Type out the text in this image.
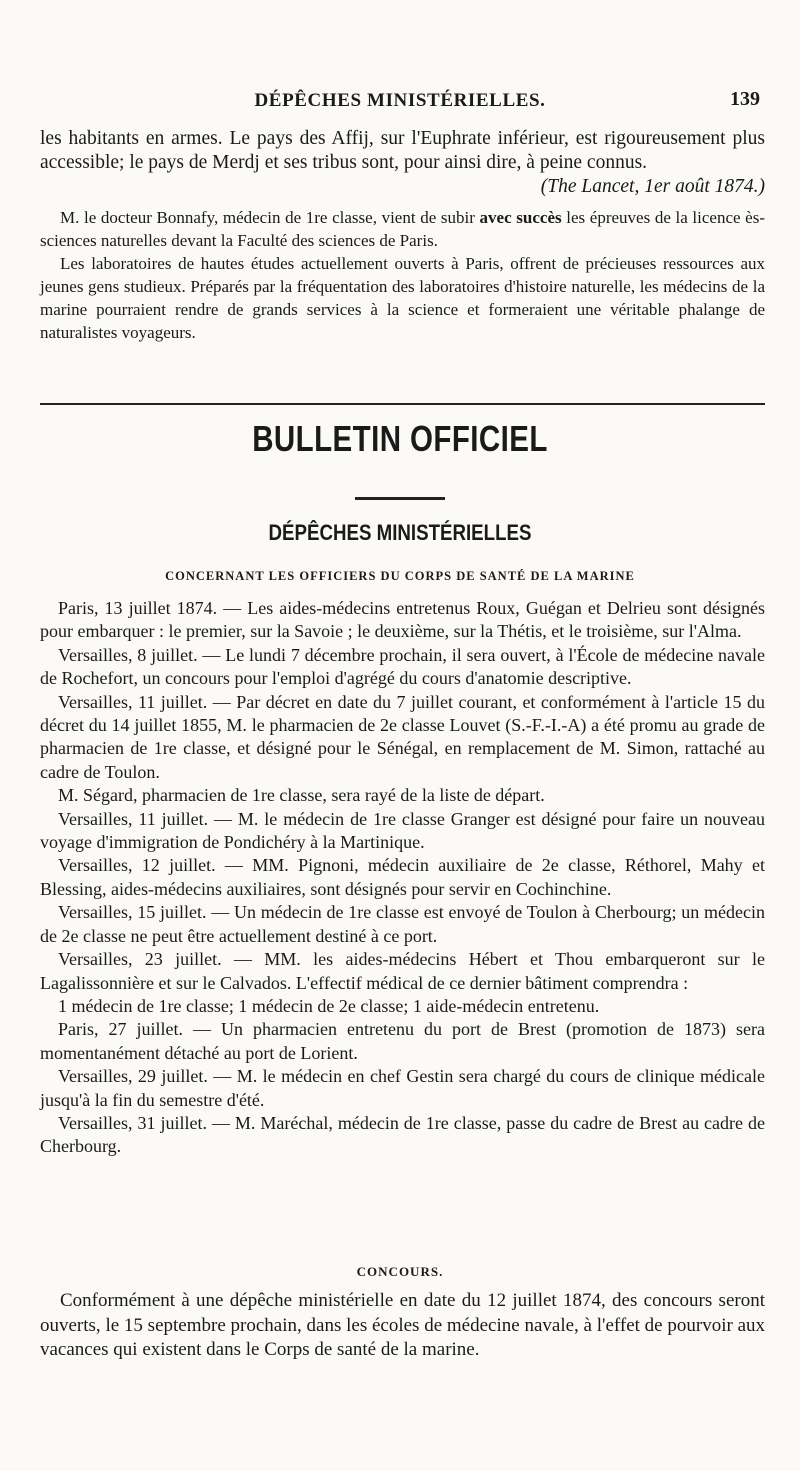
DÉPÊCHES MINISTÉRIELLES.	139
les habitants en armes. Le pays des Affij, sur l'Euphrate inférieur, est rigoureusement plus accessible; le pays de Merdj et ses tribus sont, pour ainsi dire, à peine connus.
(The Lancet, 1er août 1874.)

M. le docteur Bonnafy, médecin de 1re classe, vient de subir avec succès les épreuves de la licence ès-sciences naturelles devant la Faculté des sciences de Paris.

Les laboratoires de hautes études actuellement ouverts à Paris, offrent de précieuses ressources aux jeunes gens studieux. Préparés par la fréquentation des laboratoires d'histoire naturelle, les médecins de la marine pourraient rendre de grands services à la science et formeraient une véritable phalange de naturalistes voyageurs.

BULLETIN OFFICIEL
DÉPÊCHES MINISTÉRIELLES
CONCERNANT LES OFFICIERS DU CORPS DE SANTÉ DE LA MARINE

Paris, 13 juillet 1874. — Les aides-médecins entretenus Roux, Guégan et Delrieu sont désignés pour embarquer : le premier, sur la Savoie ; le deuxième, sur la Thétis, et le troisième, sur l'Alma.

Versailles, 8 juillet. — Le lundi 7 décembre prochain, il sera ouvert, à l'École de médecine navale de Rochefort, un concours pour l'emploi d'agrégé du cours d'anatomie descriptive.

Versailles, 11 juillet. — Par décret en date du 7 juillet courant, et conformément à l'article 15 du décret du 14 juillet 1855, M. le pharmacien de 2e classe Louvet (S.-F.-I.-A) a été promu au grade de pharmacien de 1re classe, et désigné pour le Sénégal, en remplacement de M. Simon, rattaché au cadre de Toulon.

M. Ségard, pharmacien de 1re classe, sera rayé de la liste de départ.

Versailles, 11 juillet. — M. le médecin de 1re classe Granger est désigné pour faire un nouveau voyage d'immigration de Pondichéry à la Martinique.

Versailles, 12 juillet. — MM. Pignoni, médecin auxiliaire de 2e classe, Réthorel, Mahy et Blessing, aides-médecins auxiliaires, sont désignés pour servir en Cochinchine.

Versailles, 15 juillet. — Un médecin de 1re classe est envoyé de Toulon à Cherbourg; un médecin de 2e classe ne peut être actuellement destiné à ce port.

Versailles, 23 juillet. — MM. les aides-médecins Hébert et Thou embarqueront sur le Lagalissonnière et sur le Calvados. L'effectif médical de ce dernier bâtiment comprendra :

1 médecin de 1re classe; 1 médecin de 2e classe; 1 aide-médecin entretenu.

Paris, 27 juillet. — Un pharmacien entretenu du port de Brest (promotion de 1873) sera momentanément détaché au port de Lorient.

Versailles, 29 juillet. — M. le médecin en chef Gestin sera chargé du cours de clinique médicale jusqu'à la fin du semestre d'été.

Versailles, 31 juillet. — M. Maréchal, médecin de 1re classe, passe du cadre de Brest au cadre de Cherbourg.

CONCOURS.

Conformément à une dépêche ministérielle en date du 12 juillet 1874, des concours seront ouverts, le 15 septembre prochain, dans les écoles de médecine navale, à l'effet de pourvoir aux vacances qui existent dans le Corps de santé de la marine.
